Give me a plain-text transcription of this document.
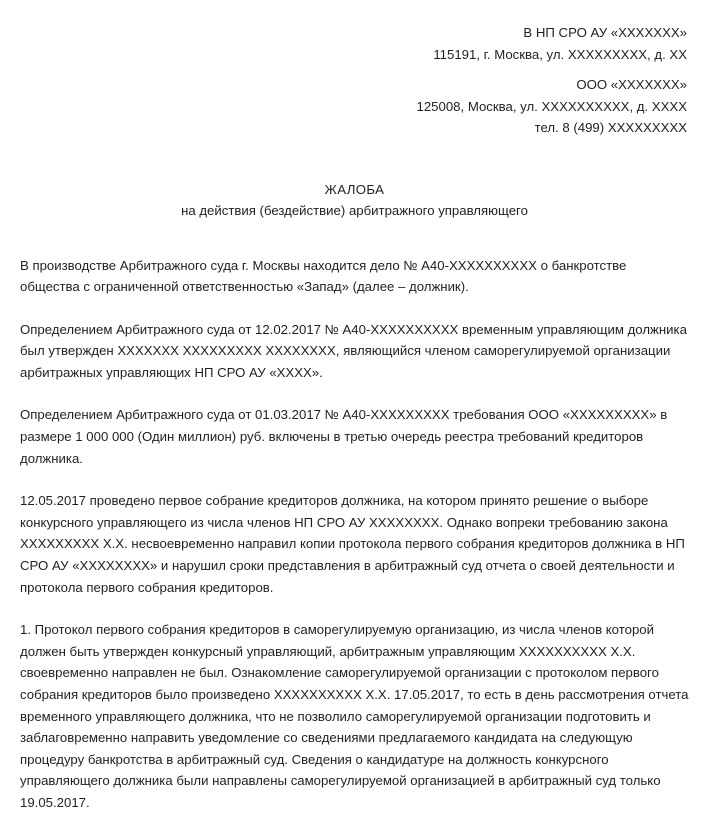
В НП СРО АУ «ХХХХХХХ»
115191, г. Москва, ул. ХХХХХХХХХ, д. ХХ
ООО «ХХХХХХХ»
125008, Москва, ул. ХХХХХХХХХХ, д. ХХХХ
тел. 8 (499) ХХХХХХХХХ
ЖАЛОБА
на действия (бездействие) арбитражного управляющего

В производстве Арбитражного суда г. Москвы находится дело № А40-ХХХХХХХХХХ о банкротстве общества с ограниченной ответственностью «Запад» (далее – должник).

Определением Арбитражного суда от 12.02.2017 № А40-ХХХХХХХХХХ временным управляющим должника был утвержден ХХХХХХХ ХХХХХХХХХ ХХХХХХХХ, являющийся членом саморегулируемой организации арбитражных управляющих НП СРО АУ «ХХХХ».

Определением Арбитражного суда от 01.03.2017 № А40-ХХХХХХХХХ требования ООО «ХХХХХХХХХ» в размере 1 000 000 (Один миллион) руб. включены в третью очередь реестра требований кредиторов должника.

12.05.2017 проведено первое собрание кредиторов должника, на котором принято решение о выборе конкурсного управляющего из числа членов НП СРО АУ ХХХХХХХХ. Однако вопреки требованию закона ХХХХХХХХХ Х.Х. несвоевременно направил копии протокола первого собрания кредиторов должника в НП СРО АУ «ХХХХХХХХ» и нарушил сроки представления в арбитражный суд отчета о своей деятельности и протокола первого собрания кредиторов.

1. Протокол первого собрания кредиторов в саморегулируемую организацию, из числа членов которой должен быть утвержден конкурсный управляющий, арбитражным управляющим ХХХХХХХХХХ Х.Х. своевременно направлен не был. Ознакомление саморегулируемой организации с протоколом первого собрания кредиторов было произведено ХХХХХХХХХХ Х.Х. 17.05.2017, то есть в день рассмотрения отчета временного управляющего должника, что не позволило саморегулируемой организации подготовить и заблаговременно направить уведомление со сведениями предлагаемого кандидата на следующую процедуру банкротства в арбитражный суд. Сведения о кандидатуре на должность конкурсного управляющего должника были направлены саморегулируемой организацией в арбитражный суд только 19.05.2017.
